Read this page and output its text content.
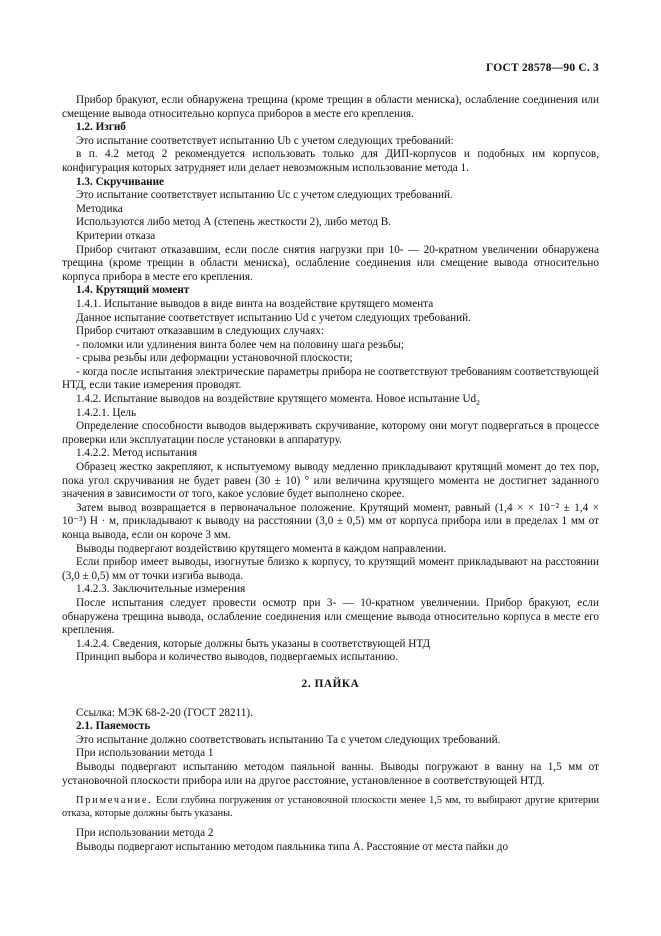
ГОСТ 28578—90 С. 3

Прибор бракуют, если обнаружена трещина (кроме трещин в области мениска), ослабление соединения или смещение вывода относительно корпуса приборов в месте его крепления.

1.2. Изгиб

Это испытание соответствует испытанию Ub с учетом следующих требований:

в п. 4.2 метод 2 рекомендуется использовать только для ДИП-корпусов и подобных им корпусов, конфигурация которых затрудняет или делает невозможным использование метода 1.

1.3. Скручивание

Это испытание соответствует испытанию Uc с учетом следующих требований.

Методика

Используются либо метод А (степень жесткости 2), либо метод В.

Критерии отказа

Прибор считают отказавшим, если после снятия нагрузки при 10- — 20-кратном увеличении обнаружена трещина (кроме трещин в области мениска), ослабление соединения или смещение вывода относительно корпуса прибора в месте его крепления.

1.4. Крутящий момент

1.4.1. Испытание выводов в виде винта на воздействие крутящего момента

Данное испытание соответствует испытанию Ud с учетом следующих требований.

Прибор считают отказавшим в следующих случаях:

- поломки или удлинения винта более чем на половину шага резьбы;

- срыва резьбы или деформации установочной плоскости;

- когда после испытания электрические параметры прибора не соответствуют требованиям соответствующей НТД, если такие измерения проводят.

1.4.2. Испытание выводов на воздействие крутящего момента. Новое испытание $Ud_2$

1.4.2.1. Цель

Определение способности выводов выдерживать скручивание, которому они могут подвергаться в процессе проверки или эксплуатации после установки в аппаратуру.

1.4.2.2. Метод испытания

Образец жестко закрепляют, к испытуемому выводу медленно прикладывают крутящий момент до тех пор, пока угол скручивания не будет равен (30 ± 10) ° или величина крутящего момента не достигнет заданного значения в зависимости от того, какое условие будет выполнено скорее.

Затем вывод возвращается в первоначальное положение. Крутящий момент, равный (1,4 × × 10⁻² ± 1,4 × 10⁻³) Н · м, прикладывают к выводу на расстоянии (3,0 ± 0,5) мм от корпуса прибора или в пределах 1 мм от конца вывода, если он короче 3 мм.

Выводы подвергают воздействию крутящего момента в каждом направлении.

Если прибор имеет выводы, изогнутые близко к корпусу, то крутящий момент прикладывают на расстоянии (3,0 ± 0,5) мм от точки изгиба вывода.

1.4.2.3. Заключительные измерения

После испытания следует провести осмотр при 3- — 10-кратном увеличении. Прибор бракуют, если обнаружена трещина вывода, ослабление соединения или смещение вывода относительно корпуса в месте его крепления.

1.4.2.4. Сведения, которые должны быть указаны в соответствующей НТД

Принцип выбора и количество выводов, подвергаемых испытанию.

2. ПАЙКА

Ссылка: МЭК 68-2-20 (ГОСТ 28211).

2.1. Паяемость

Это испытание должно соответствовать испытанию Та с учетом следующих требований.

При использовании метода 1

Выводы подвергают испытанию методом паяльной ванны. Выводы погружают в ванну на 1,5 мм от установочной плоскости прибора или на другое расстояние, установленное в соответствующей НТД.

Примечание. Если глубина погружения от установочной плоскости менее 1,5 мм, то выбирают другие критерии отказа, которые должны быть указаны.

При использовании метода 2

Выводы подвергают испытанию методом паяльника типа А. Расстояние от места пайки до
